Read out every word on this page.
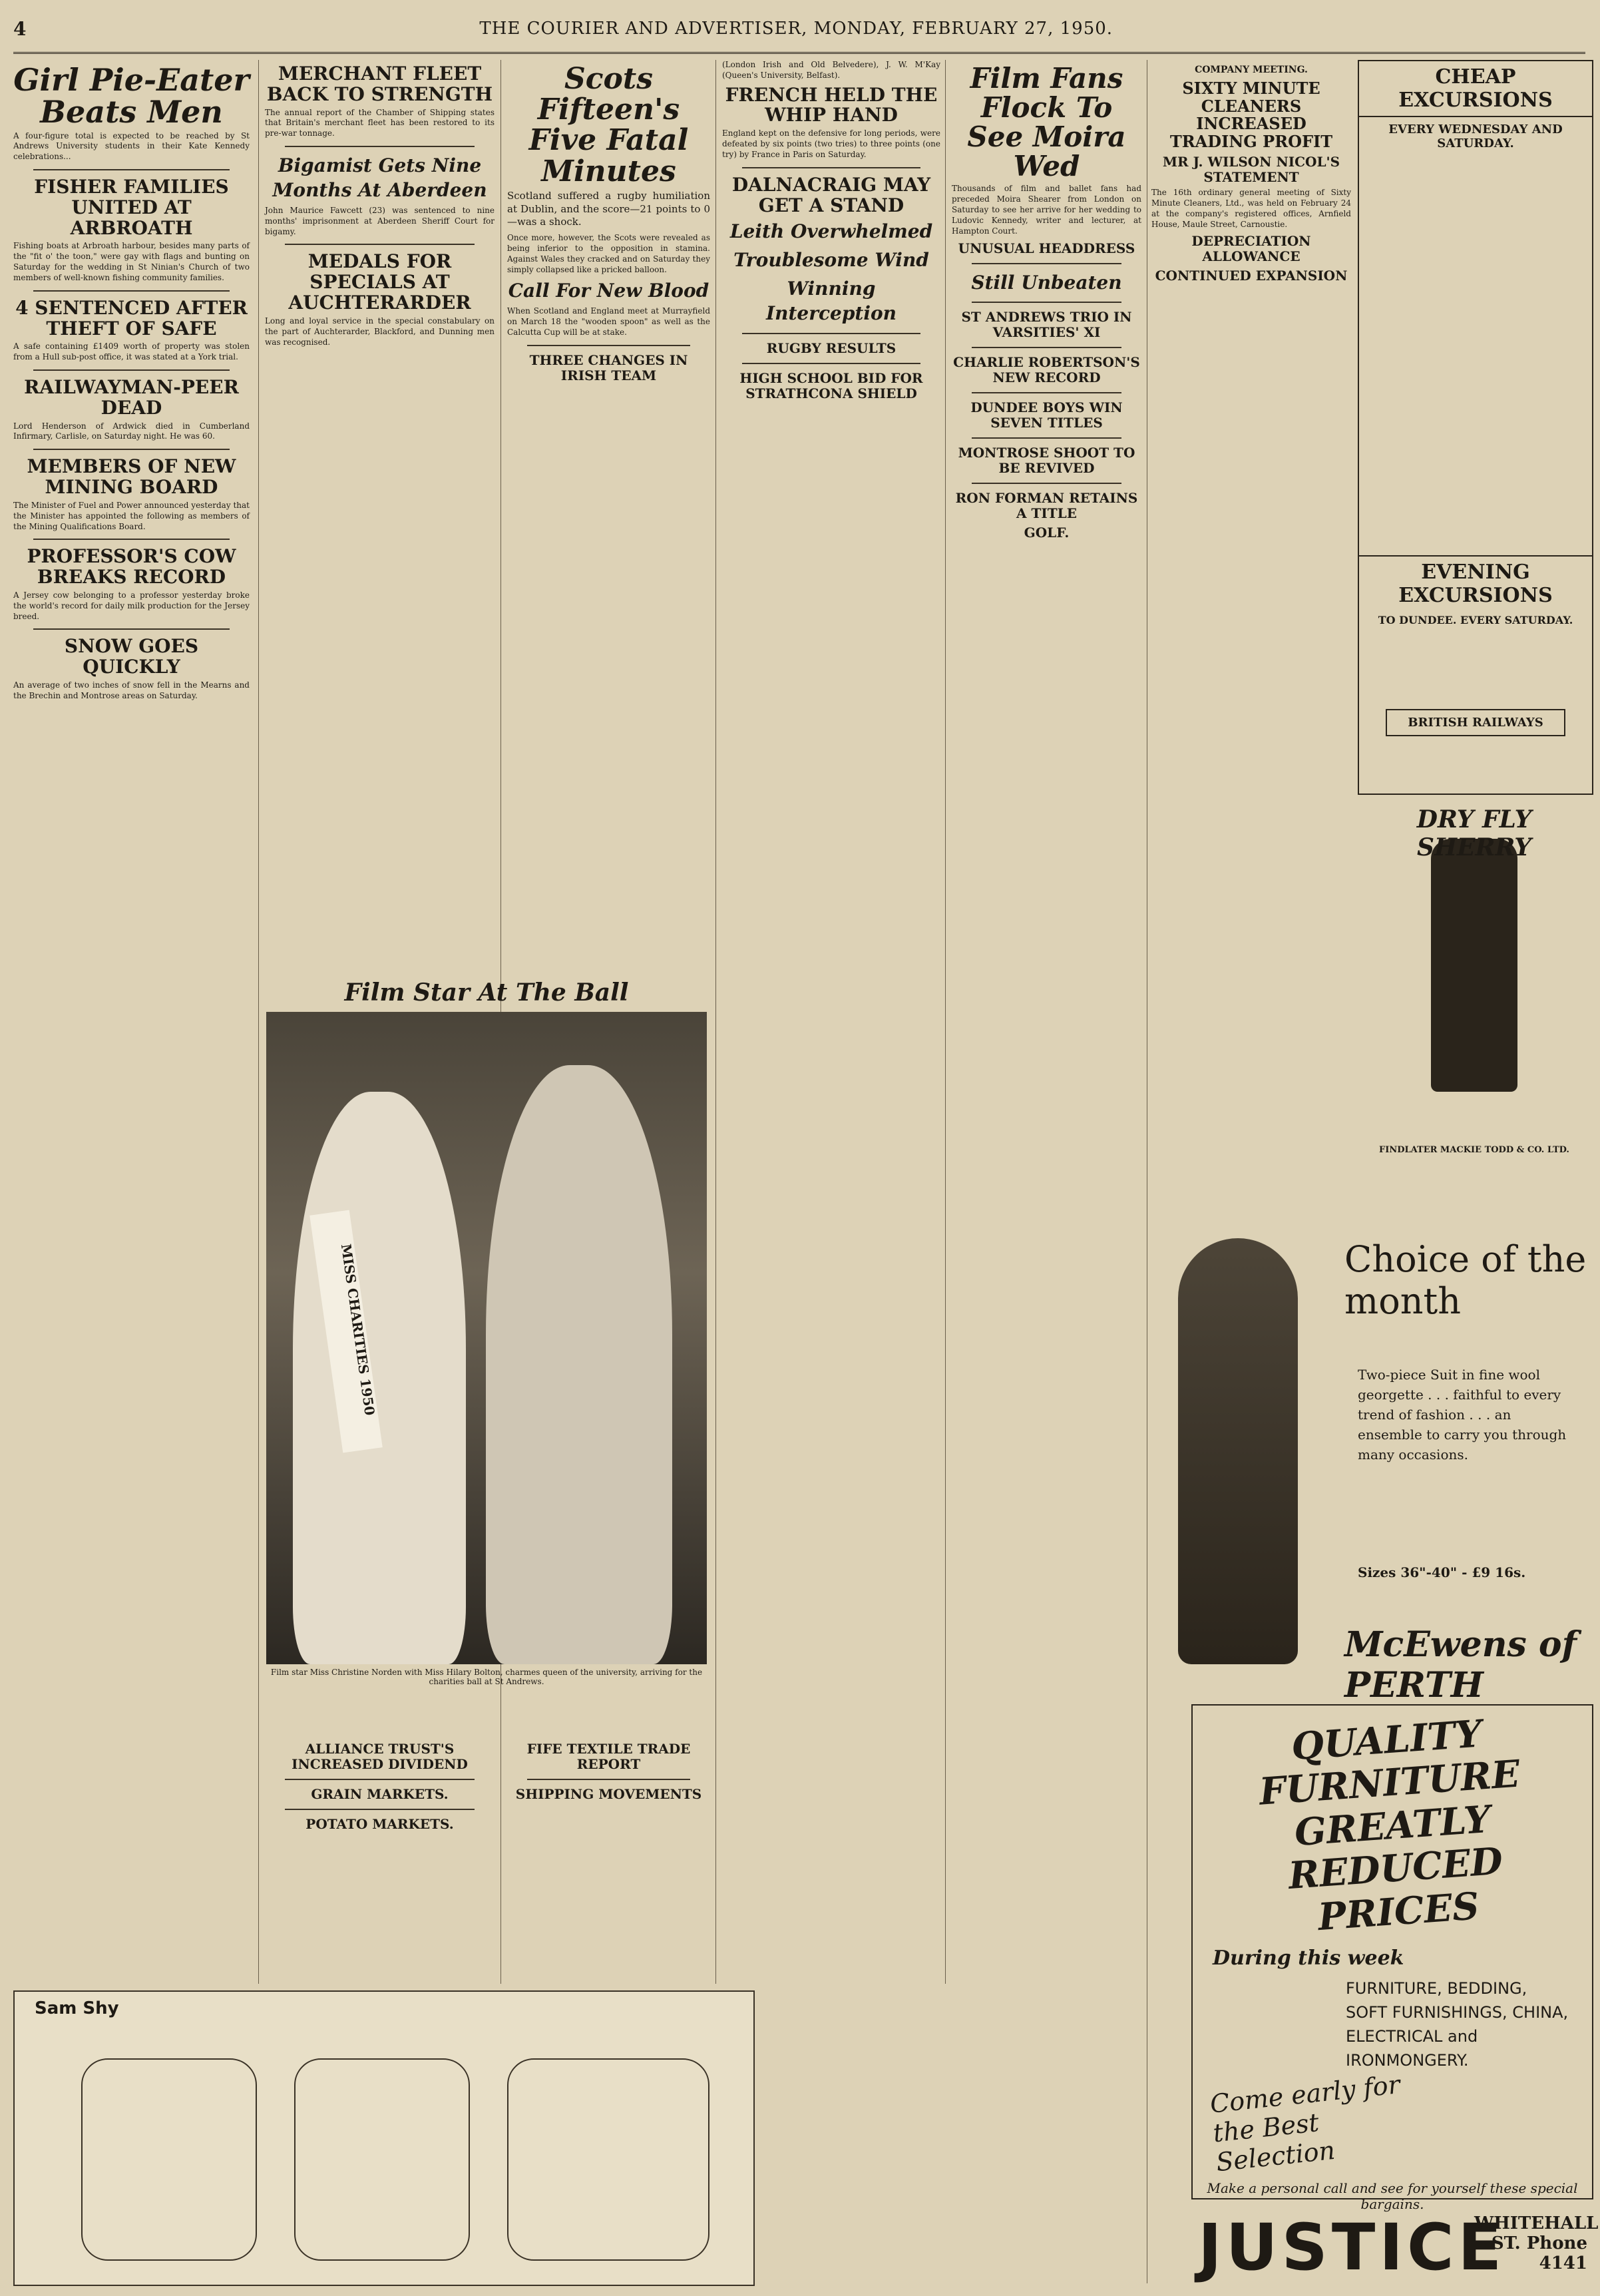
4	THE COURIER AND ADVERTISER, MONDAY, FEBRUARY 27, 1950.
Girl Pie-Eater Beats Men

A four-figure total is expected to be reached by St Andrews University students in their Kate Kennedy celebrations...

FISHER FAMILIES UNITED AT ARBROATH

Fishing boats at Arbroath harbour, besides many parts of the "fit o' the toon," were gay with flags and bunting on Saturday for the wedding in St Ninian's Church of two members of well-known fishing community families.

4 SENTENCED AFTER THEFT OF SAFE

A safe containing £1409 worth of property was stolen from a Hull sub-post office, it was stated at a York trial.

RAILWAYMAN-PEER DEAD

Lord Henderson of Ardwick died in Cumberland Infirmary, Carlisle, on Saturday night. He was 60.

MEMBERS OF NEW MINING BOARD

The Minister of Fuel and Power announced yesterday that the Minister has appointed the following as members of the Mining Qualifications Board.

PROFESSOR'S COW BREAKS RECORD

A Jersey cow belonging to a professor yesterday broke the world's record for daily milk production for the Jersey breed.

SNOW GOES QUICKLY

An average of two inches of snow fell in the Mearns and the Brechin and Montrose areas on Saturday.

MERCHANT FLEET BACK TO STRENGTH

The annual report of the Chamber of Shipping states that Britain's merchant fleet has been restored to its pre-war tonnage.

Bigamist Gets Nine Months At Aberdeen

John Maurice Fawcett (23) was sentenced to nine months' imprisonment at Aberdeen Sheriff Court for bigamy.

MEDALS FOR SPECIALS AT AUCHTERARDER

Long and loyal service in the special constabulary on the part of Auchterarder, Blackford, and Dunning men was recognised.

ALLIANCE TRUST'S INCREASED DIVIDEND
GRAIN MARKETS.
POTATO MARKETS.
Scots Fifteen's Five Fatal Minutes

Scotland suffered a rugby humiliation at Dublin, and the score—21 points to 0—was a shock.

Once more, however, the Scots were revealed as being inferior to the opposition in stamina. Against Wales they cracked and on Saturday they simply collapsed like a pricked balloon.

Call For New Blood

When Scotland and England meet at Murrayfield on March 18 the "wooden spoon" as well as the Calcutta Cup will be at stake.

THREE CHANGES IN IRISH TEAM
FIFE TEXTILE TRADE REPORT
SHIPPING MOVEMENTS

(London Irish and Old Belvedere), J. W. M'Kay (Queen's University, Belfast).

FRENCH HELD THE WHIP HAND

England kept on the defensive for long periods, were defeated by six points (two tries) to three points (one try) by France in Paris on Saturday.

DALNACRAIG MAY GET A STAND
Leith Overwhelmed
Troublesome Wind
Winning Interception
RUGBY RESULTS
HIGH SCHOOL BID FOR STRATHCONA SHIELD
Film Fans Flock To See Moira Wed

Thousands of film and ballet fans had preceded Moira Shearer from London on Saturday to see her arrive for her wedding to Ludovic Kennedy, writer and lecturer, at Hampton Court.

UNUSUAL HEADDRESS
Still Unbeaten
ST ANDREWS TRIO IN VARSITIES' XI
CHARLIE ROBERTSON'S NEW RECORD
DUNDEE BOYS WIN SEVEN TITLES
MONTROSE SHOOT TO BE REVIVED
RON FORMAN RETAINS A TITLE
GOLF.
COMPANY MEETING.
SIXTY MINUTE CLEANERS INCREASED TRADING PROFIT
MR J. WILSON NICOL'S STATEMENT

The 16th ordinary general meeting of Sixty Minute Cleaners, Ltd., was held on February 24 at the company's registered offices, Arnfield House, Maule Street, Carnoustie.

DEPRECIATION ALLOWANCE
CONTINUED EXPANSION
CHEAP EXCURSIONS
EVERY WEDNESDAY AND SATURDAY.
EVENING EXCURSIONS
TO DUNDEE. EVERY SATURDAY.
BRITISH RAILWAYS
DRY FLY SHERRY
FINDLATER MACKIE TODD & CO. LTD.
Choice of the month
Two-piece Suit in fine wool georgette . . . faithful to every trend of fashion . . . an ensemble to carry you through many occasions.
Sizes 36"-40" - £9 16s.
McEwens of PERTH
QUALITY FURNITURE GREATLY REDUCED PRICES
During this week
FURNITURE, BEDDING, SOFT FURNISHINGS, CHINA, ELECTRICAL and IRONMONGERY.
Come early for the Best Selection
Make a personal call and see for yourself these special bargains.
JUSTICE
WHITEHALL ST. Phone 4141
Film Star At The Ball
MISS CHARITIES 1950
Film star Miss Christine Norden with Miss Hilary Bolton, charmes queen of the university, arriving for the charities ball at St Andrews.
Sam Shy
